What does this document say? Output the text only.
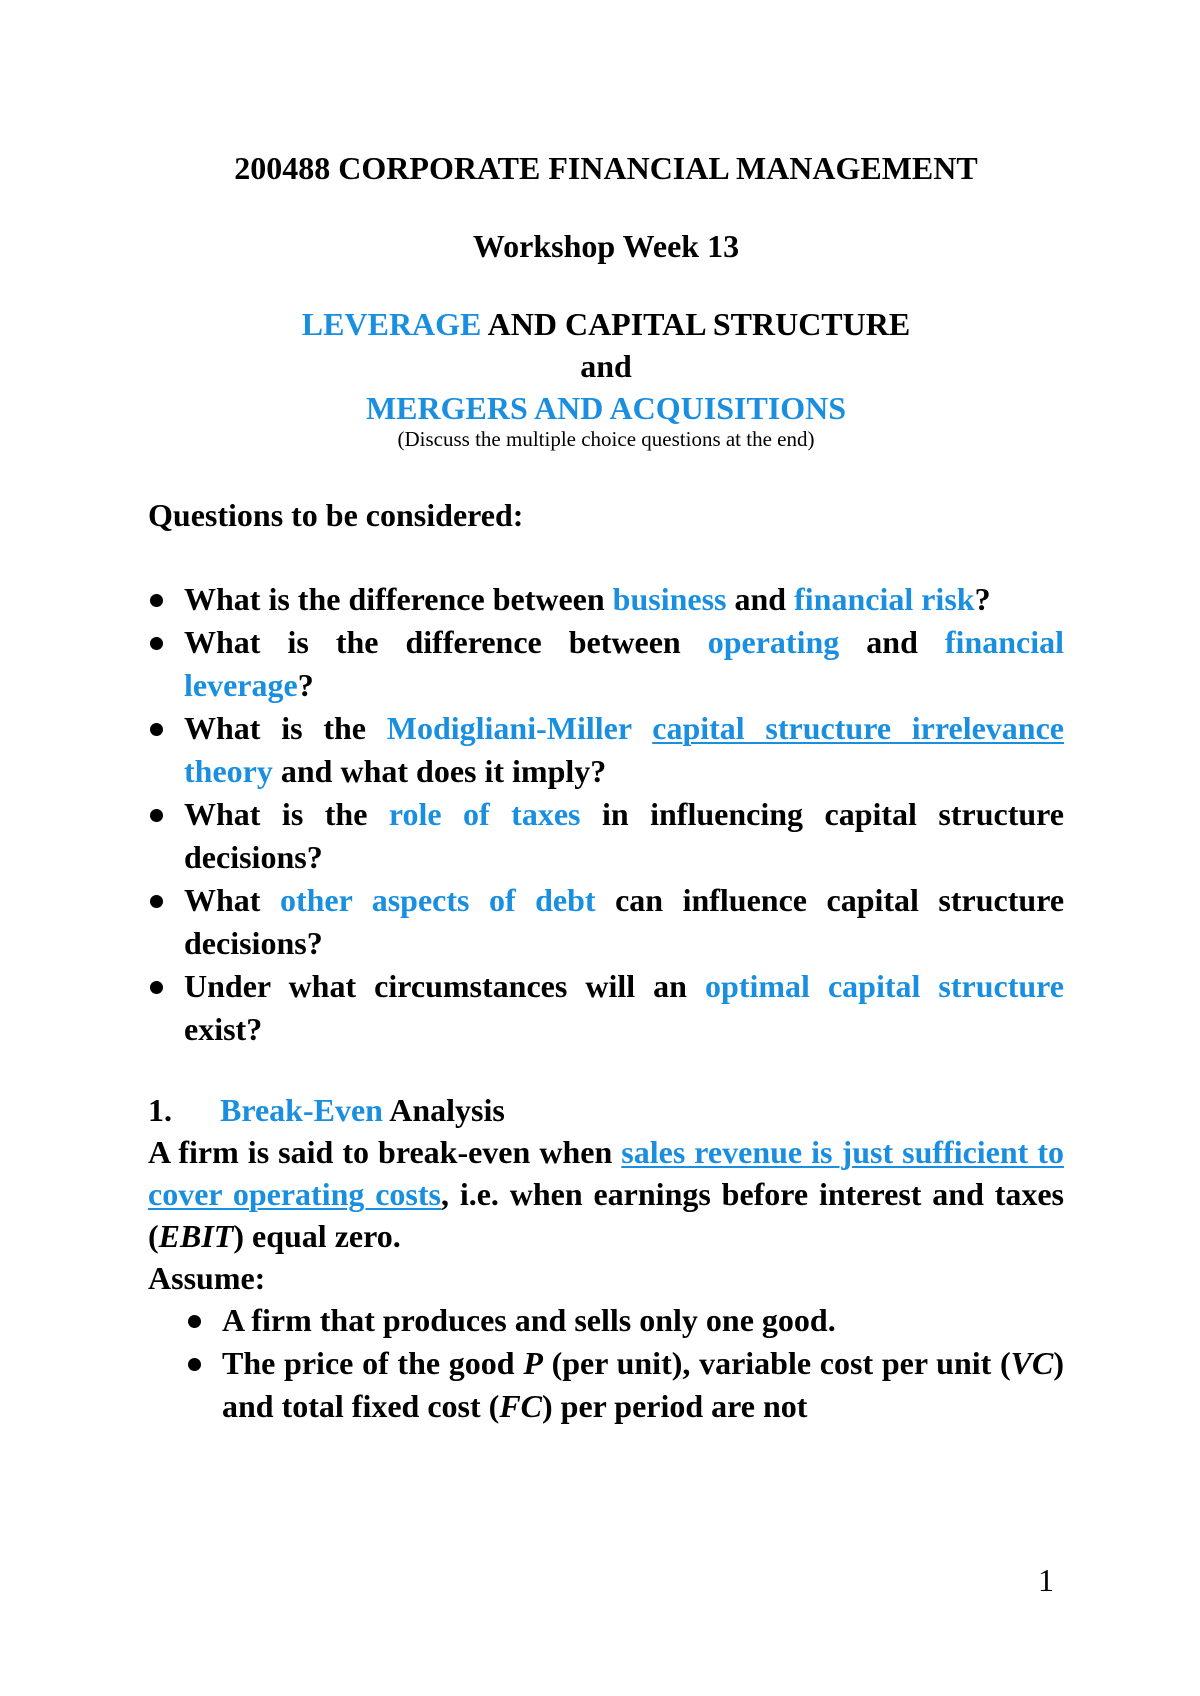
200488 CORPORATE FINANCIAL MANAGEMENT
Workshop Week 13
LEVERAGE AND CAPITAL STRUCTURE
and
MERGERS AND ACQUISITIONS
(Discuss the multiple choice questions at the end)
Questions to be considered:
What is the difference between business and financial risk?
What is the difference between operating and financial leverage?
What is the Modigliani-Miller capital structure irrelevance theory and what does it imply?
What is the role of taxes in influencing capital structure decisions?
What other aspects of debt can influence capital structure decisions?
Under what circumstances will an optimal capital structure exist?
1. Break-Even Analysis
A firm is said to break-even when sales revenue is just sufficient to cover operating costs, i.e. when earnings before interest and taxes (EBIT) equal zero.
Assume:
A firm that produces and sells only one good.
The price of the good P (per unit), variable cost per unit (VC) and total fixed cost (FC) per period are not
1
